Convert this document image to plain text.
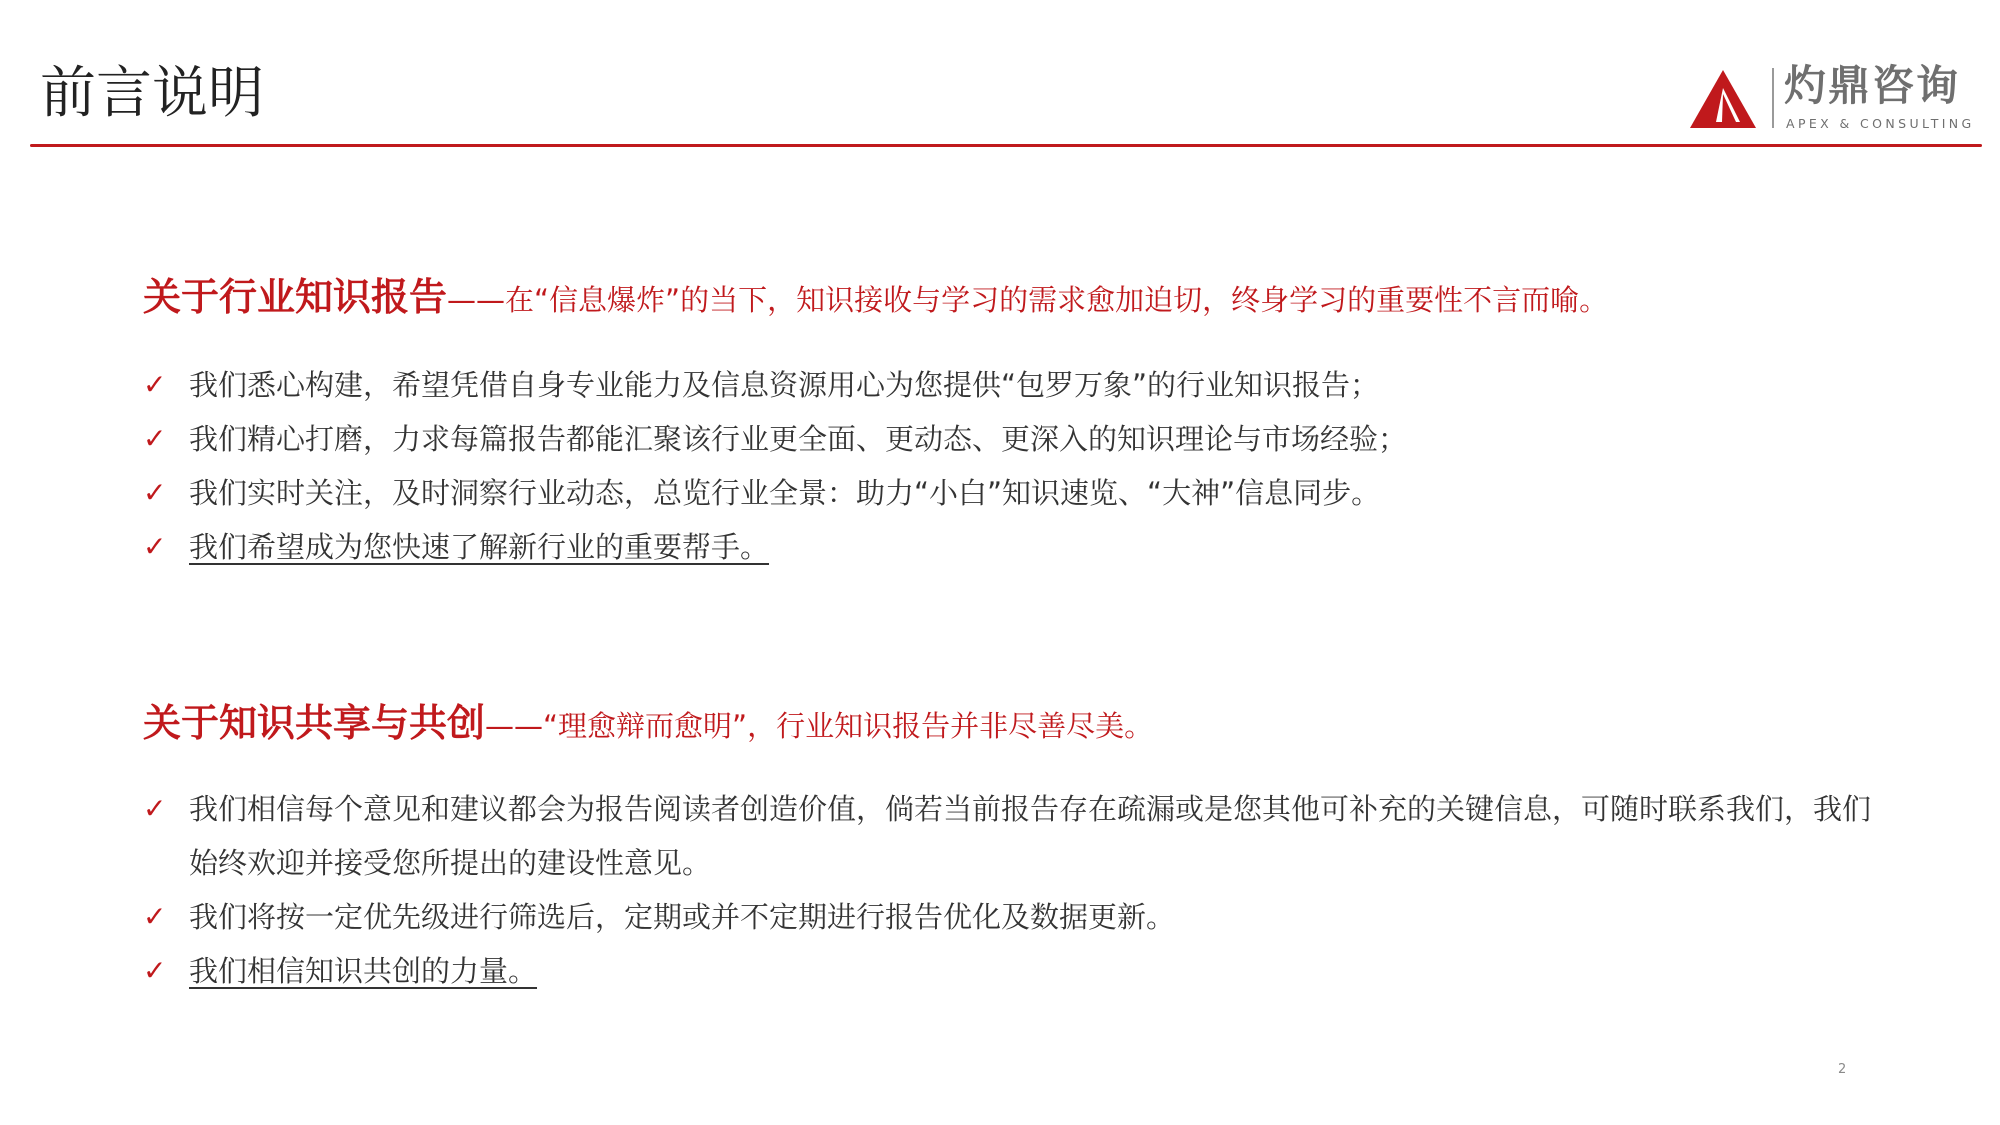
前言说明	灼鼎咨询
APEX & CONSULTING
关于行业知识报告——在“信息爆炸”的当下，知识接收与学习的需求愈加迫切，终身学习的重要性不言而喻。
✓ 我们悉心构建，希望凭借自身专业能力及信息资源用心为您提供“包罗万象”的行业知识报告；
✓ 我们精心打磨，力求每篇报告都能汇聚该行业更全面、更动态、更深入的知识理论与市场经验；
✓ 我们实时关注，及时洞察行业动态，总览行业全景：助力“小白”知识速览、“大神”信息同步。
✓ 我们希望成为您快速了解新行业的重要帮手。
关于知识共享与共创——“理愈辩而愈明”，行业知识报告并非尽善尽美。
✓ 我们相信每个意见和建议都会为报告阅读者创造价值，倘若当前报告存在疏漏或是您其他可补充的关键信息，可随时联系我们，我们始终欢迎并接受您所提出的建设性意见。
✓ 我们将按一定优先级进行筛选后，定期或并不定期进行报告优化及数据更新。
✓ 我们相信知识共创的力量。
2
